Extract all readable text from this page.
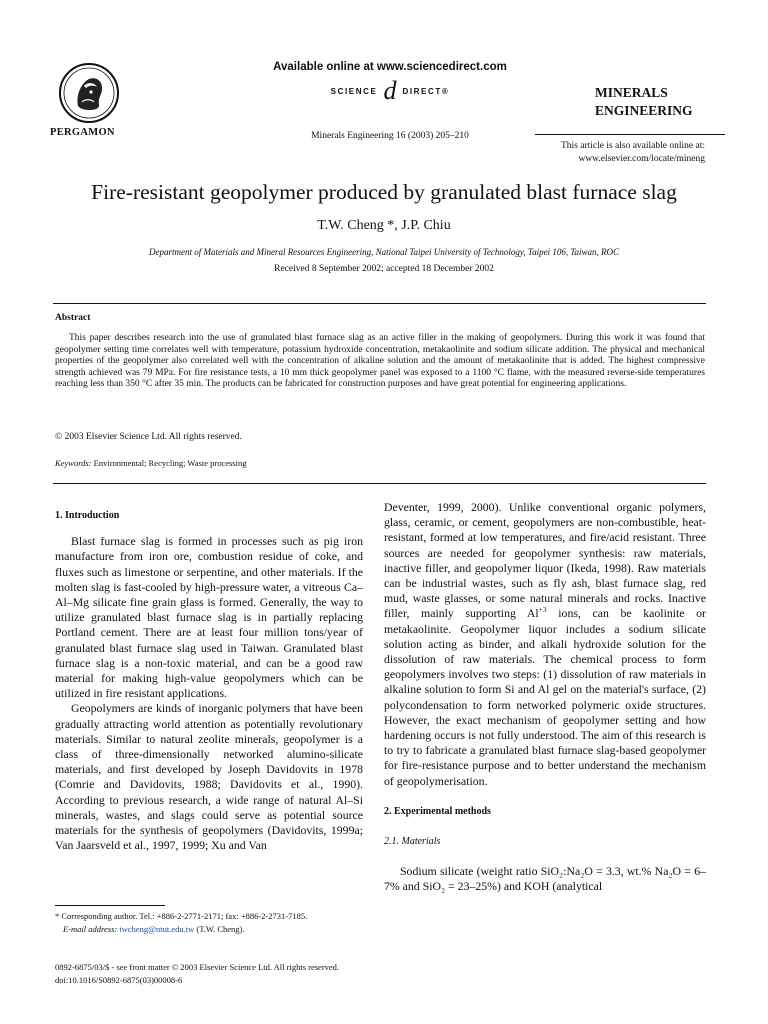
PERGAMON
Available online at www.sciencedirect.com
SCIENCE d DIRECT®
Minerals Engineering 16 (2003) 205–210
MINERALS
ENGINEERING
This article is also available online at:
www.elsevier.com/locate/mineng
Fire-resistant geopolymer produced by granulated blast furnace slag
T.W. Cheng *, J.P. Chiu
Department of Materials and Mineral Resources Engineering, National Taipei University of Technology, Taipei 106, Taiwan, ROC
Received 8 September 2002; accepted 18 December 2002
Abstract
This paper describes research into the use of granulated blast furnace slag as an active filler in the making of geopolymers. During this work it was found that geopolymer setting time correlates well with temperature, potassium hydroxide concentration, metakaolinite and sodium silicate addition. The physical and mechanical properties of the geopolymer also correlated well with the concentration of alkaline solution and the amount of metakaolinite that is added. The highest compressive strength achieved was 79 MPa. For fire resistance tests, a 10 mm thick geopolymer panel was exposed to a 1100 °C flame, with the measured reverse-side temperatures reaching less than 350 °C after 35 min. The products can be fabricated for construction purposes and have great potential for engineering applications.
© 2003 Elsevier Science Ltd. All rights reserved.
Keywords: Environmental; Recycling; Waste processing
1. Introduction

Blast furnace slag is formed in processes such as pig iron manufacture from iron ore, combustion residue of coke, and fluxes such as limestone or serpentine, and other materials. If the molten slag is fast-cooled by high-pressure water, a vitreous Ca–Al–Mg silicate fine grain glass is formed. Generally, the way to utilize granulated blast furnace slag is in partially replacing Portland cement. There are at least four million tons/year of granulated blast furnace slag used in Taiwan. Granulated blast furnace slag is a non-toxic material, and can be a good raw material for making high-value geopolymers which can be utilized in fire resistant applications.

Geopolymers are kinds of inorganic polymers that have been gradually attracting world attention as potentially revolutionary materials. Similar to natural zeolite minerals, geopolymer is a class of three-dimensionally networked alumino-silicate materials, and first developed by Joseph Davidovits in 1978 (Comrie and Davidovits, 1988; Davidovits et al., 1990). According to previous research, a wide range of natural Al–Si minerals, wastes, and slags could serve as potential source materials for the synthesis of geopolymers (Davidovits, 1999a; Van Jaarsveld et al., 1997, 1999; Xu and Van

Deventer, 1999, 2000). Unlike conventional organic polymers, glass, ceramic, or cement, geopolymers are non-combustible, heat-resistant, formed at low temperatures, and fire/acid resistant. Three sources are needed for geopolymer synthesis: raw materials, inactive filler, and geopolymer liquor (Ikeda, 1998). Raw materials can be industrial wastes, such as fly ash, blast furnace slag, red mud, waste glasses, or some natural minerals and rocks. Inactive filler, mainly supporting $Al^{+3}$ ions, can be kaolinite or metakaolinite. Geopolymer liquor includes a sodium silicate solution acting as binder, and alkali hydroxide solution for the dissolution of raw materials. The chemical process to form geopolymers involves two steps: (1) dissolution of raw materials in alkaline solution to form Si and Al gel on the material's surface, (2) polycondensation to form networked polymeric oxide structures. However, the exact mechanism of geopolymer setting and how hardening occurs is not fully understood. The aim of this research is to try to fabricate a granulated blast furnace slag-based geopolymer for fire-resistance purpose and to better understand the mechanism of geopolymerisation.

2. Experimental methods
2.1. Materials

Sodium silicate (weight ratio SiO₂:Na₂O = 3.3, wt.% Na₂O = 6–7% and SiO₂ = 23–25%) and KOH (analytical

* Corresponding author. Tel.: +886-2-2771-2171; fax: +886-2-2731-7185.
E-mail address: twcheng@ntut.edu.tw (T.W. Cheng).
0892-6875/03/$ - see front matter © 2003 Elsevier Science Ltd. All rights reserved.
doi:10.1016/S0892-6875(03)00008-6
